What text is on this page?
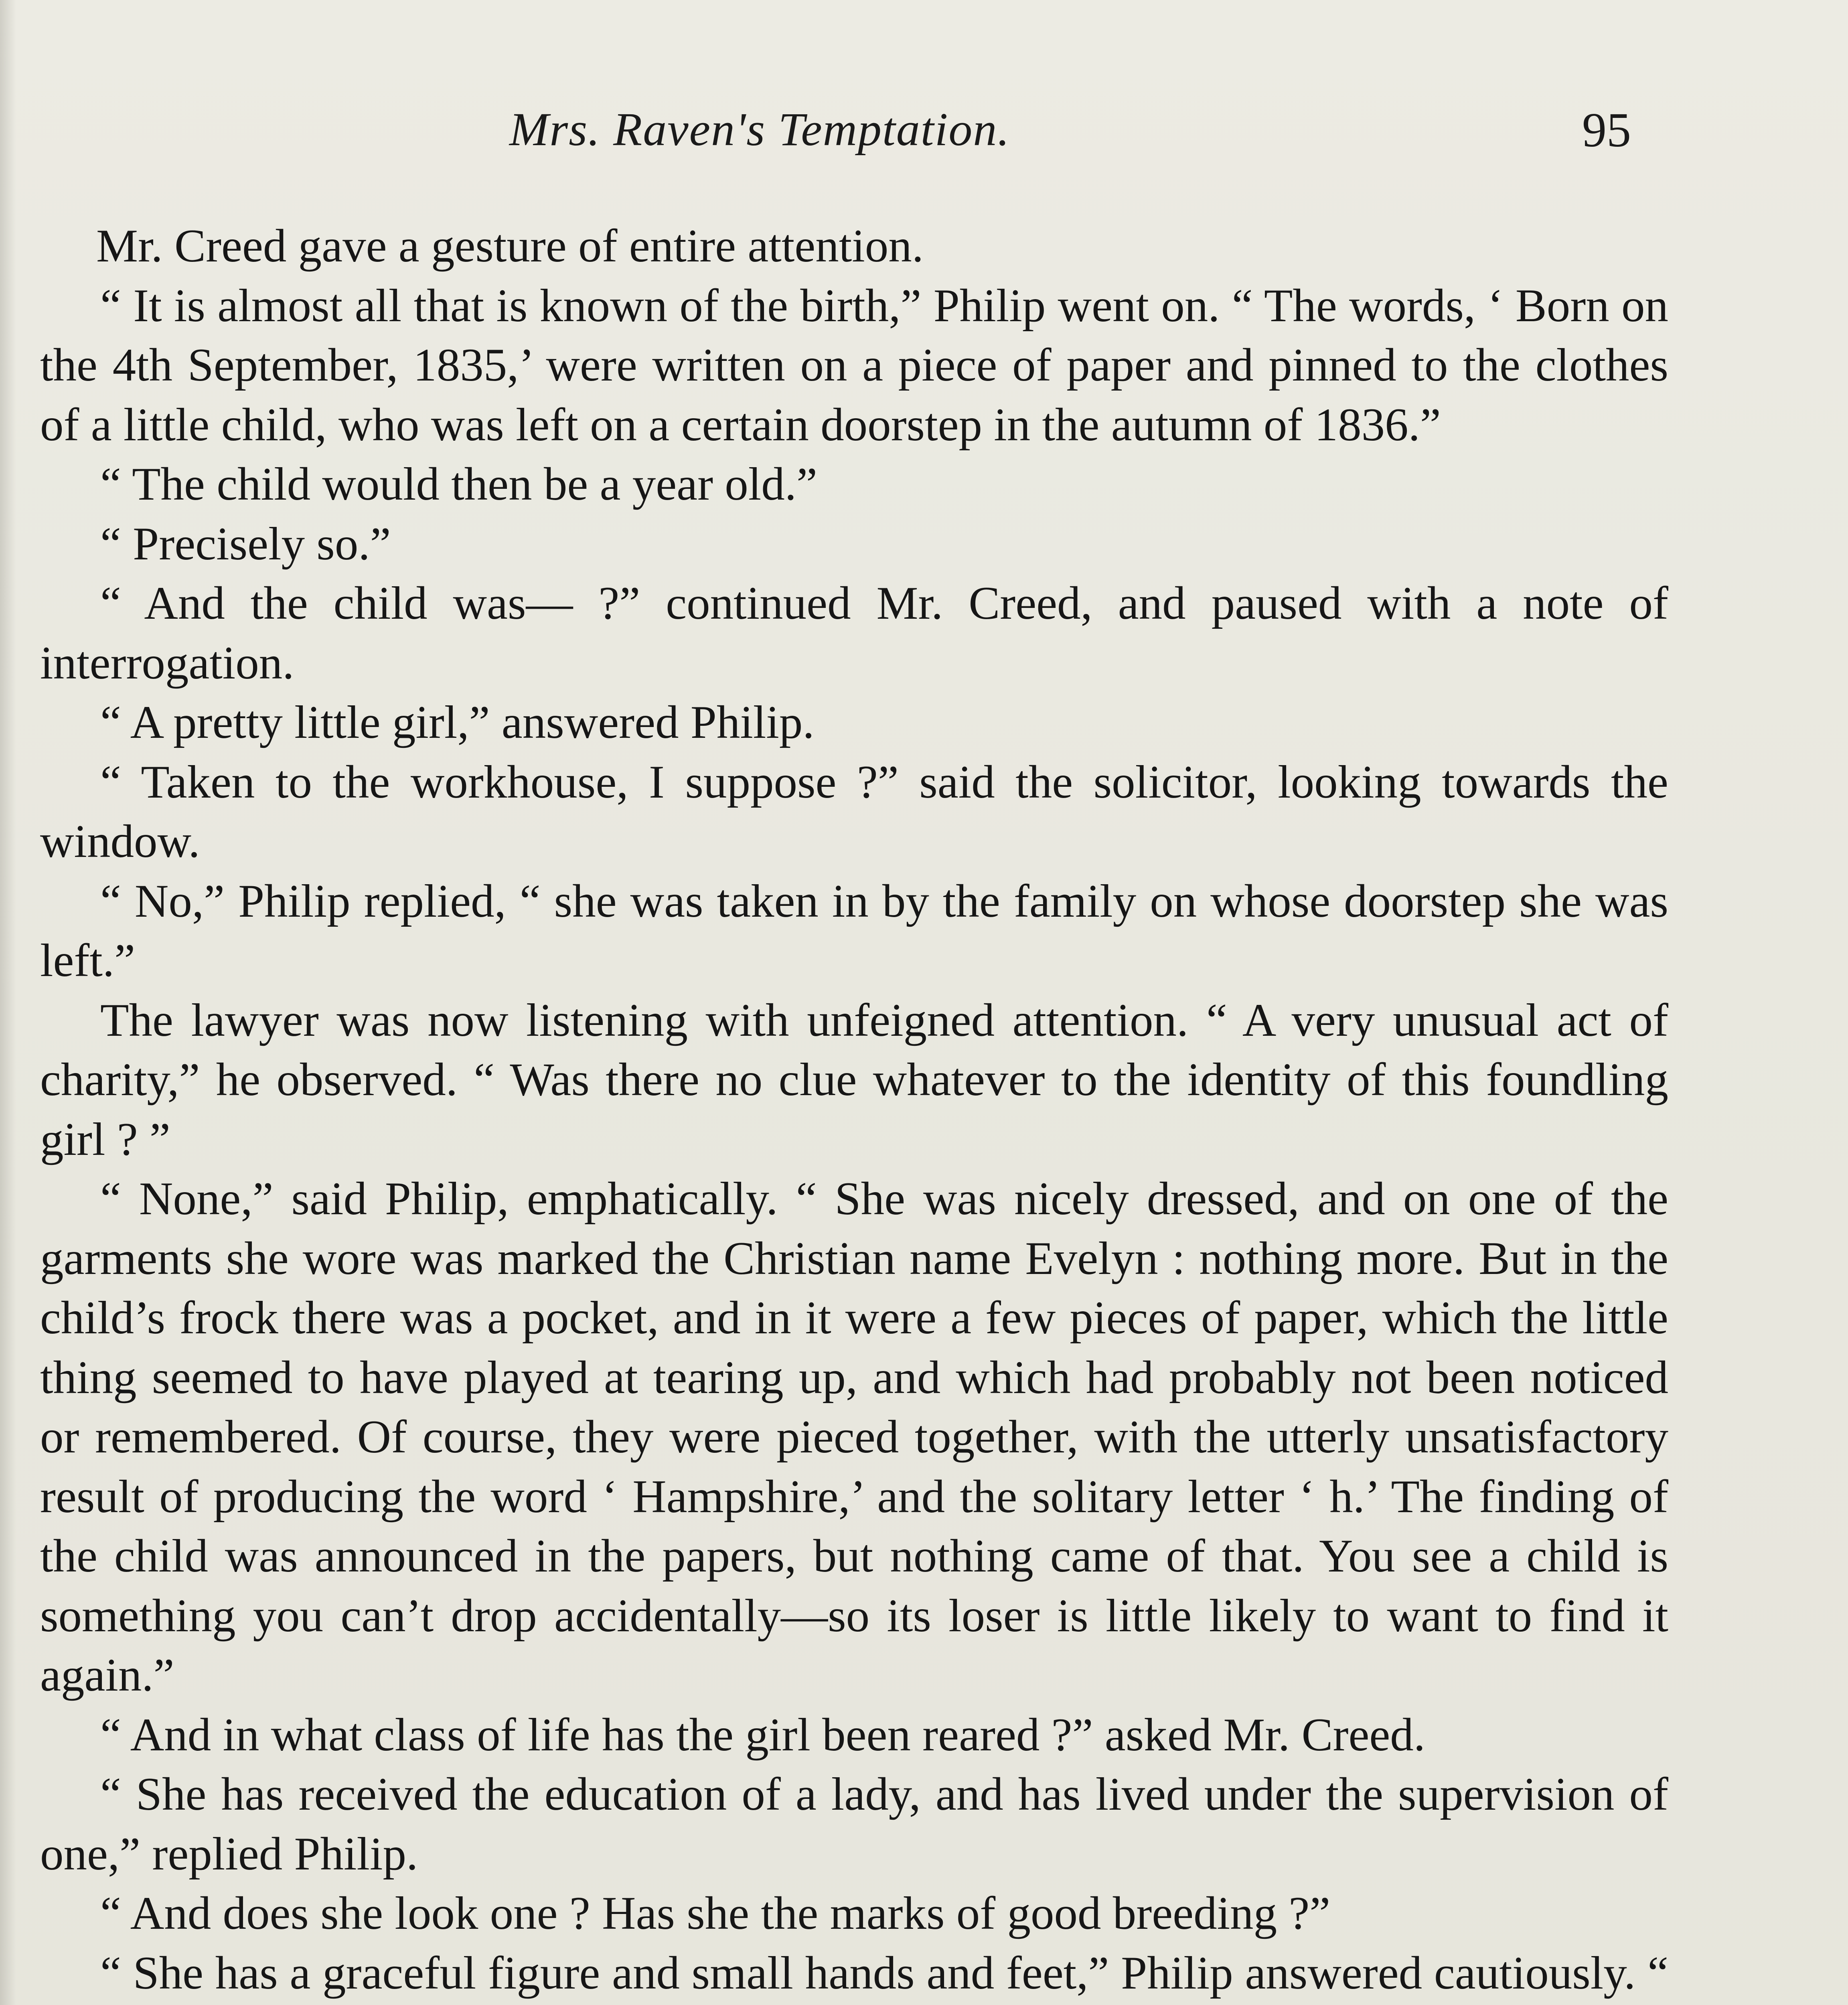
Mrs. Raven's Temptation.	95

Mr. Creed gave a gesture of entire attention.

“ It is almost all that is known of the birth,” Philip went on. “ The words, ‘ Born on the 4th September, 1835,’ were written on a piece of paper and pinned to the clothes of a little child, who was left on a certain doorstep in the autumn of 1836.”

“ The child would then be a year old.”

“ Precisely so.”

“ And the child was— ?” continued Mr. Creed, and paused with a note of interrogation.

“ A pretty little girl,” answered Philip.

“ Taken to the workhouse, I suppose ?” said the solicitor, looking towards the window.

“ No,” Philip replied, “ she was taken in by the family on whose doorstep she was left.”

The lawyer was now listening with unfeigned attention. “ A very unusual act of charity,” he observed. “ Was there no clue whatever to the identity of this foundling girl ? ”

“ None,” said Philip, emphatically. “ She was nicely dressed, and on one of the garments she wore was marked the Christian name Evelyn : nothing more. But in the child’s frock there was a pocket, and in it were a few pieces of paper, which the little thing seemed to have played at tearing up, and which had probably not been noticed or remembered. Of course, they were pieced together, with the utterly unsatisfactory result of producing the word ‘ Hampshire,’ and the solitary letter ‘ h.’ The finding of the child was announced in the papers, but nothing came of that. You see a child is something you can’t drop accidentally—so its loser is little likely to want to find it again.”

“ And in what class of life has the girl been reared ?” asked Mr. Creed.

“ She has received the education of a lady, and has lived under the supervision of one,” replied Philip.

“ And does she look one ? Has she the marks of good breeding ?”

“ She has a graceful figure and small hands and feet,” Philip answered cautiously. “
